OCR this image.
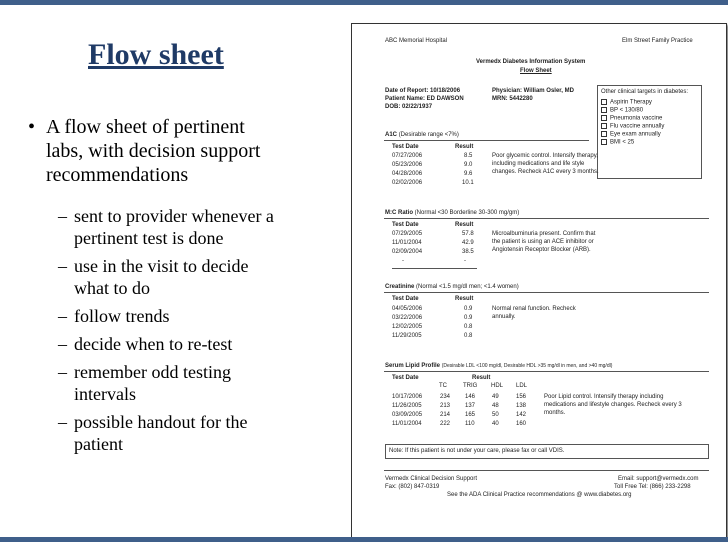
Flow sheet
• A flow sheet of pertinent
labs, with decision support
recommendations
– sent to provider whenever a
pertinent test is done
– use in the visit to decide
what to do
– follow trends
– decide when to re-test
– remember odd testing
intervals
– possible handout for the
patient
ABC Memorial Hospital	Elm Street Family Practice
Vermedx Diabetes Information System
Flow Sheet
Date of Report: 10/18/2006
Patient Name: ED DAWSON
DOB: 02/22/1937
Physician: William Osler, MD
MRN: 5442280
Other clinical targets in diabetes:
Aspirin Therapy
BP < 130/80
Pneumonia vaccine
Flu vaccine annually
Eye exam annually
BMI < 25
A1C (Desirable range <7%)
Test Date	Result
07/27/2006	8.5
05/23/2006	9.0
04/28/2006	9.6
02/02/2006	10.1
Poor glycemic control. Intensify therapy,
including medications and life style
changes. Recheck A1C every 3 months.
M:C Ratio (Normal <30 Borderline 30-300 mg/gm)
Test Date	Result
07/29/2005	57.8
11/01/2004	42.9
02/09/2004	38.5
-	-
Microalbuminuria present. Confirm that
the patient is using an ACE inhibitor or
Angiotensin Receptor Blocker (ARB).
Creatinine (Normal <1.5 mg/dl men; <1.4 women)
Test Date	Result
04/05/2006	0.9
03/22/2006	0.9
12/02/2005	0.8
11/29/2005	0.8
Normal renal function. Recheck
annually.
Serum Lipid Profile (Desirable LDL <100 mg/dl, Desirable HDL >35 mg/dl in men, and >40 mg/dl)
Test Date	Result
TC	TRIG HDL LDL
10/17/2006	234 146	49	156
11/26/2005	213 137	48	138
03/09/2005	214 165	50	142
11/01/2004	222 110	40	160
Poor Lipid control. Intensify therapy including
medications and lifestyle changes. Recheck every 3
months.
Note: If this patient is not under your care, please fax or call VDIS.
Vermedx Clinical Decision Support
Fax: (802) 847-0319
Email: support@vermedx.com
Toll Free Tel: (866) 233-2298
See the ADA Clinical Practice recommendations @ www.diabetes.org
